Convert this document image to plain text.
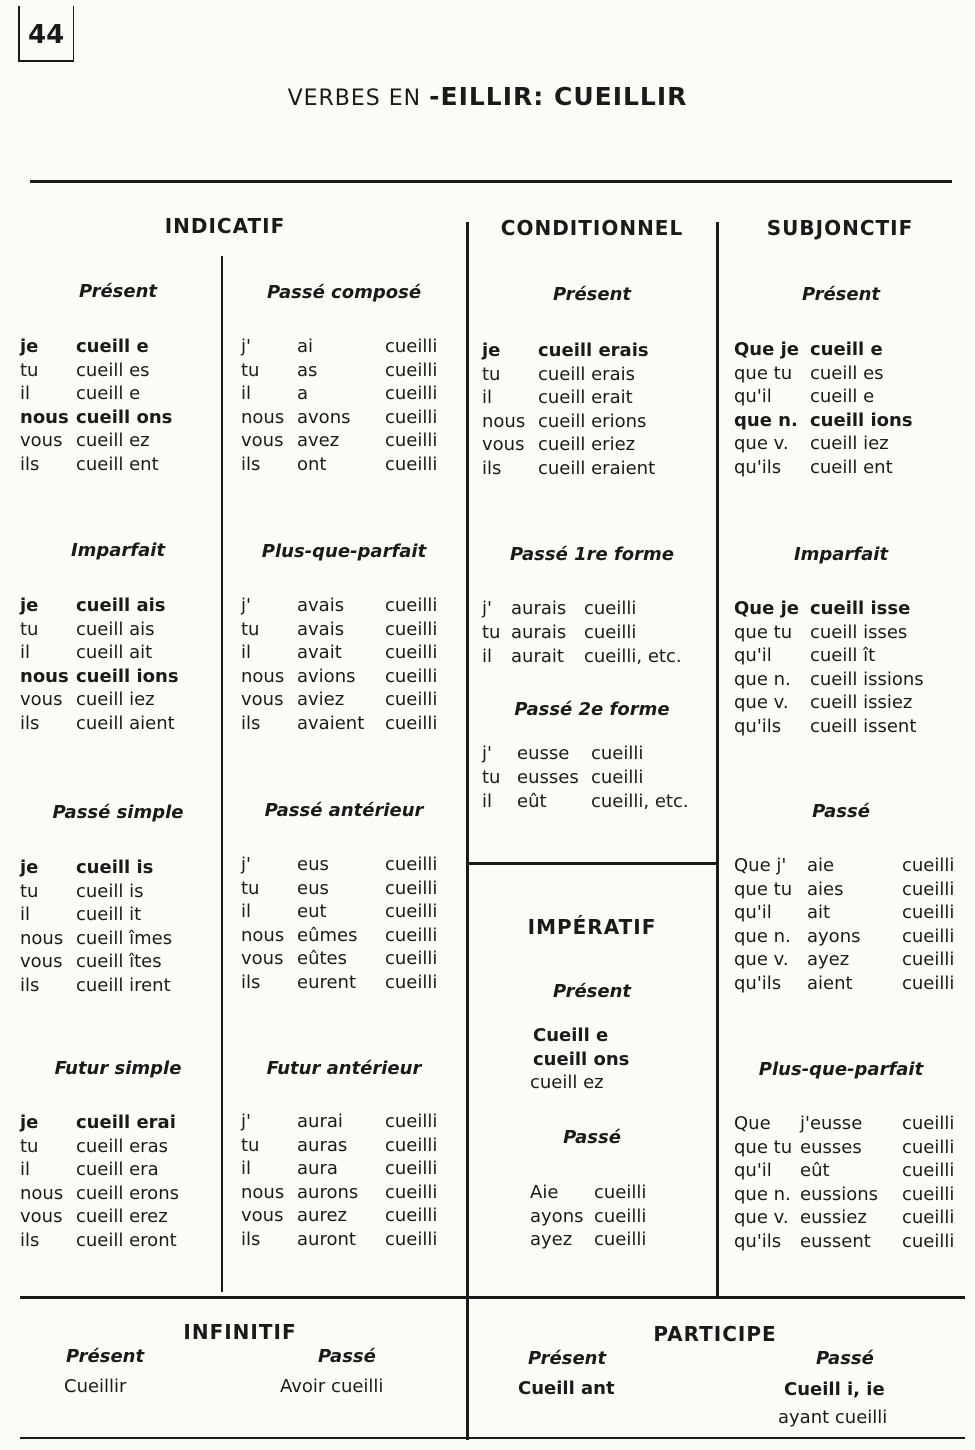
44
VERBES EN -EILLIR: CUEILLIR
INDICATIF	CONDITIONNEL	SUBJONCTIF
IMPÉRATIF
INFINITIF	PARTICIPE
Présent
je cueill e
tu cueill es
il	cueill e
nous cueill ons
vous cueill ez
ils cueill ent
Imparfait
je cueill ais
tu cueill ais
il	cueill ait
nous cueill ions
vous cueill iez
ils cueill aient
Passé simple
je cueill is
tu cueill is
il	cueill it
nous cueill îmes
vous cueill îtes
ils cueill irent
Futur simple
je cueill erai
tu cueill eras
il	cueill era
nous cueill erons
vous cueill erez
ils cueill eront
Passé composé
j'	ai	cueilli
tu as	cueilli
il	a	cueilli
nous avons cueilli
vous avez	cueilli
ils ont	cueilli
Plus-que-parfait
j'	avais cueilli
tu avais cueilli
il	avait cueilli
nous avions cueilli
vous aviez cueilli
ils avaient cueilli
Passé antérieur
j'	eus	cueilli
tu eus	cueilli
il	eut	cueilli
nous eûmes cueilli
vous eûtes cueilli
ils eurent cueilli
Futur antérieur
j'	aurai cueilli
tu auras cueilli
il	aura	cueilli
nous aurons cueilli
vous aurez cueilli
ils auront cueilli
Présent
je cueill erais
tu cueill erais
il	cueill erait
nous cueill erions
vous cueill eriez
ils cueill eraient
Passé 1re forme
j' aurais cueilli
tu aurais cueilli
il aurait cueilli, etc.
Passé 2e forme
j' eusse cueilli
tu eusses cueilli
il eût cueilli, etc.
Présent
Que je cueill e
que tu cueill es
qu'il cueill e
que n. cueill ions
que v. cueill iez
qu'ils cueill ent
Imparfait
Que je cueill isse
que tu cueill isses
qu'il cueill ît
que n. cueill issions
que v. cueill issiez
qu'ils cueill issent
Passé
Que j' aie	cueilli
que tu aies	cueilli
qu'il ait	cueilli
que n. ayons cueilli
que v. ayez	cueilli
qu'ils aient	cueilli
Plus-que-parfait
Que j'eusse cueilli
que tu eusses cueilli
qu'il eût	cueilli
que n. eussions cueilli
que v. eussiez cueilli
qu'ils eussent cueilli
Passé
Aie cueilli
ayons cueilli
ayez cueilli
Présent
Cueill e
cueill ons
cueill ez
Présent
Cueillir
Passé
Avoir cueilli
Présent
Cueill ant
Passé
Cueill i, ie
ayant cueilli
